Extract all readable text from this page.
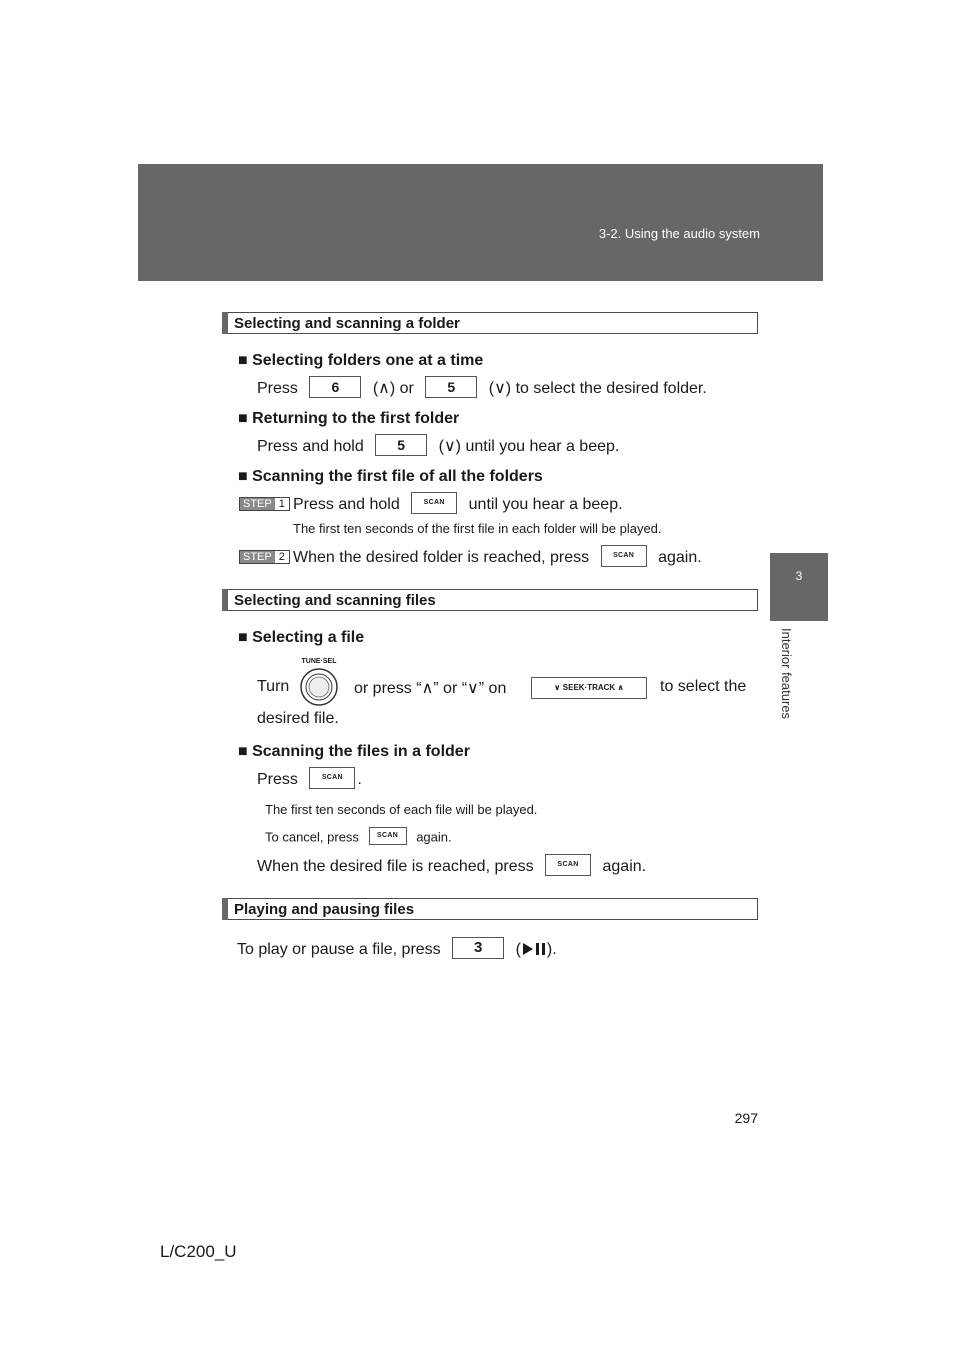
3-2. Using the audio system
3
Interior features
Selecting and scanning a folder
■ Selecting folders one at a time
Press 6 (∧) or 5 (∨) to select the desired folder.
■ Returning to the first folder
Press and hold 5 (∨) until you hear a beep.
■ Scanning the first file of all the folders
STEP 1 Press and hold	SCAN until you hear a beep.
The first ten seconds of the first file in each folder will be played.
STEP 2 When the desired folder is reached, press	SCAN again.
Selecting and scanning files
■ Selecting a file
TUNE·SEL
Turn	or press “∧” or “∨” on	∨ SEEK·TRACK ∧	to select the
desired file.
■ Scanning the files in a folder
Press	SCAN .
The first ten seconds of each file will be played.
To cancel, press	SCAN again.
When the desired file is reached, press	SCAN again.
Playing and pausing files
To play or pause a file, press 3 ( ).
297
L/C200_U
